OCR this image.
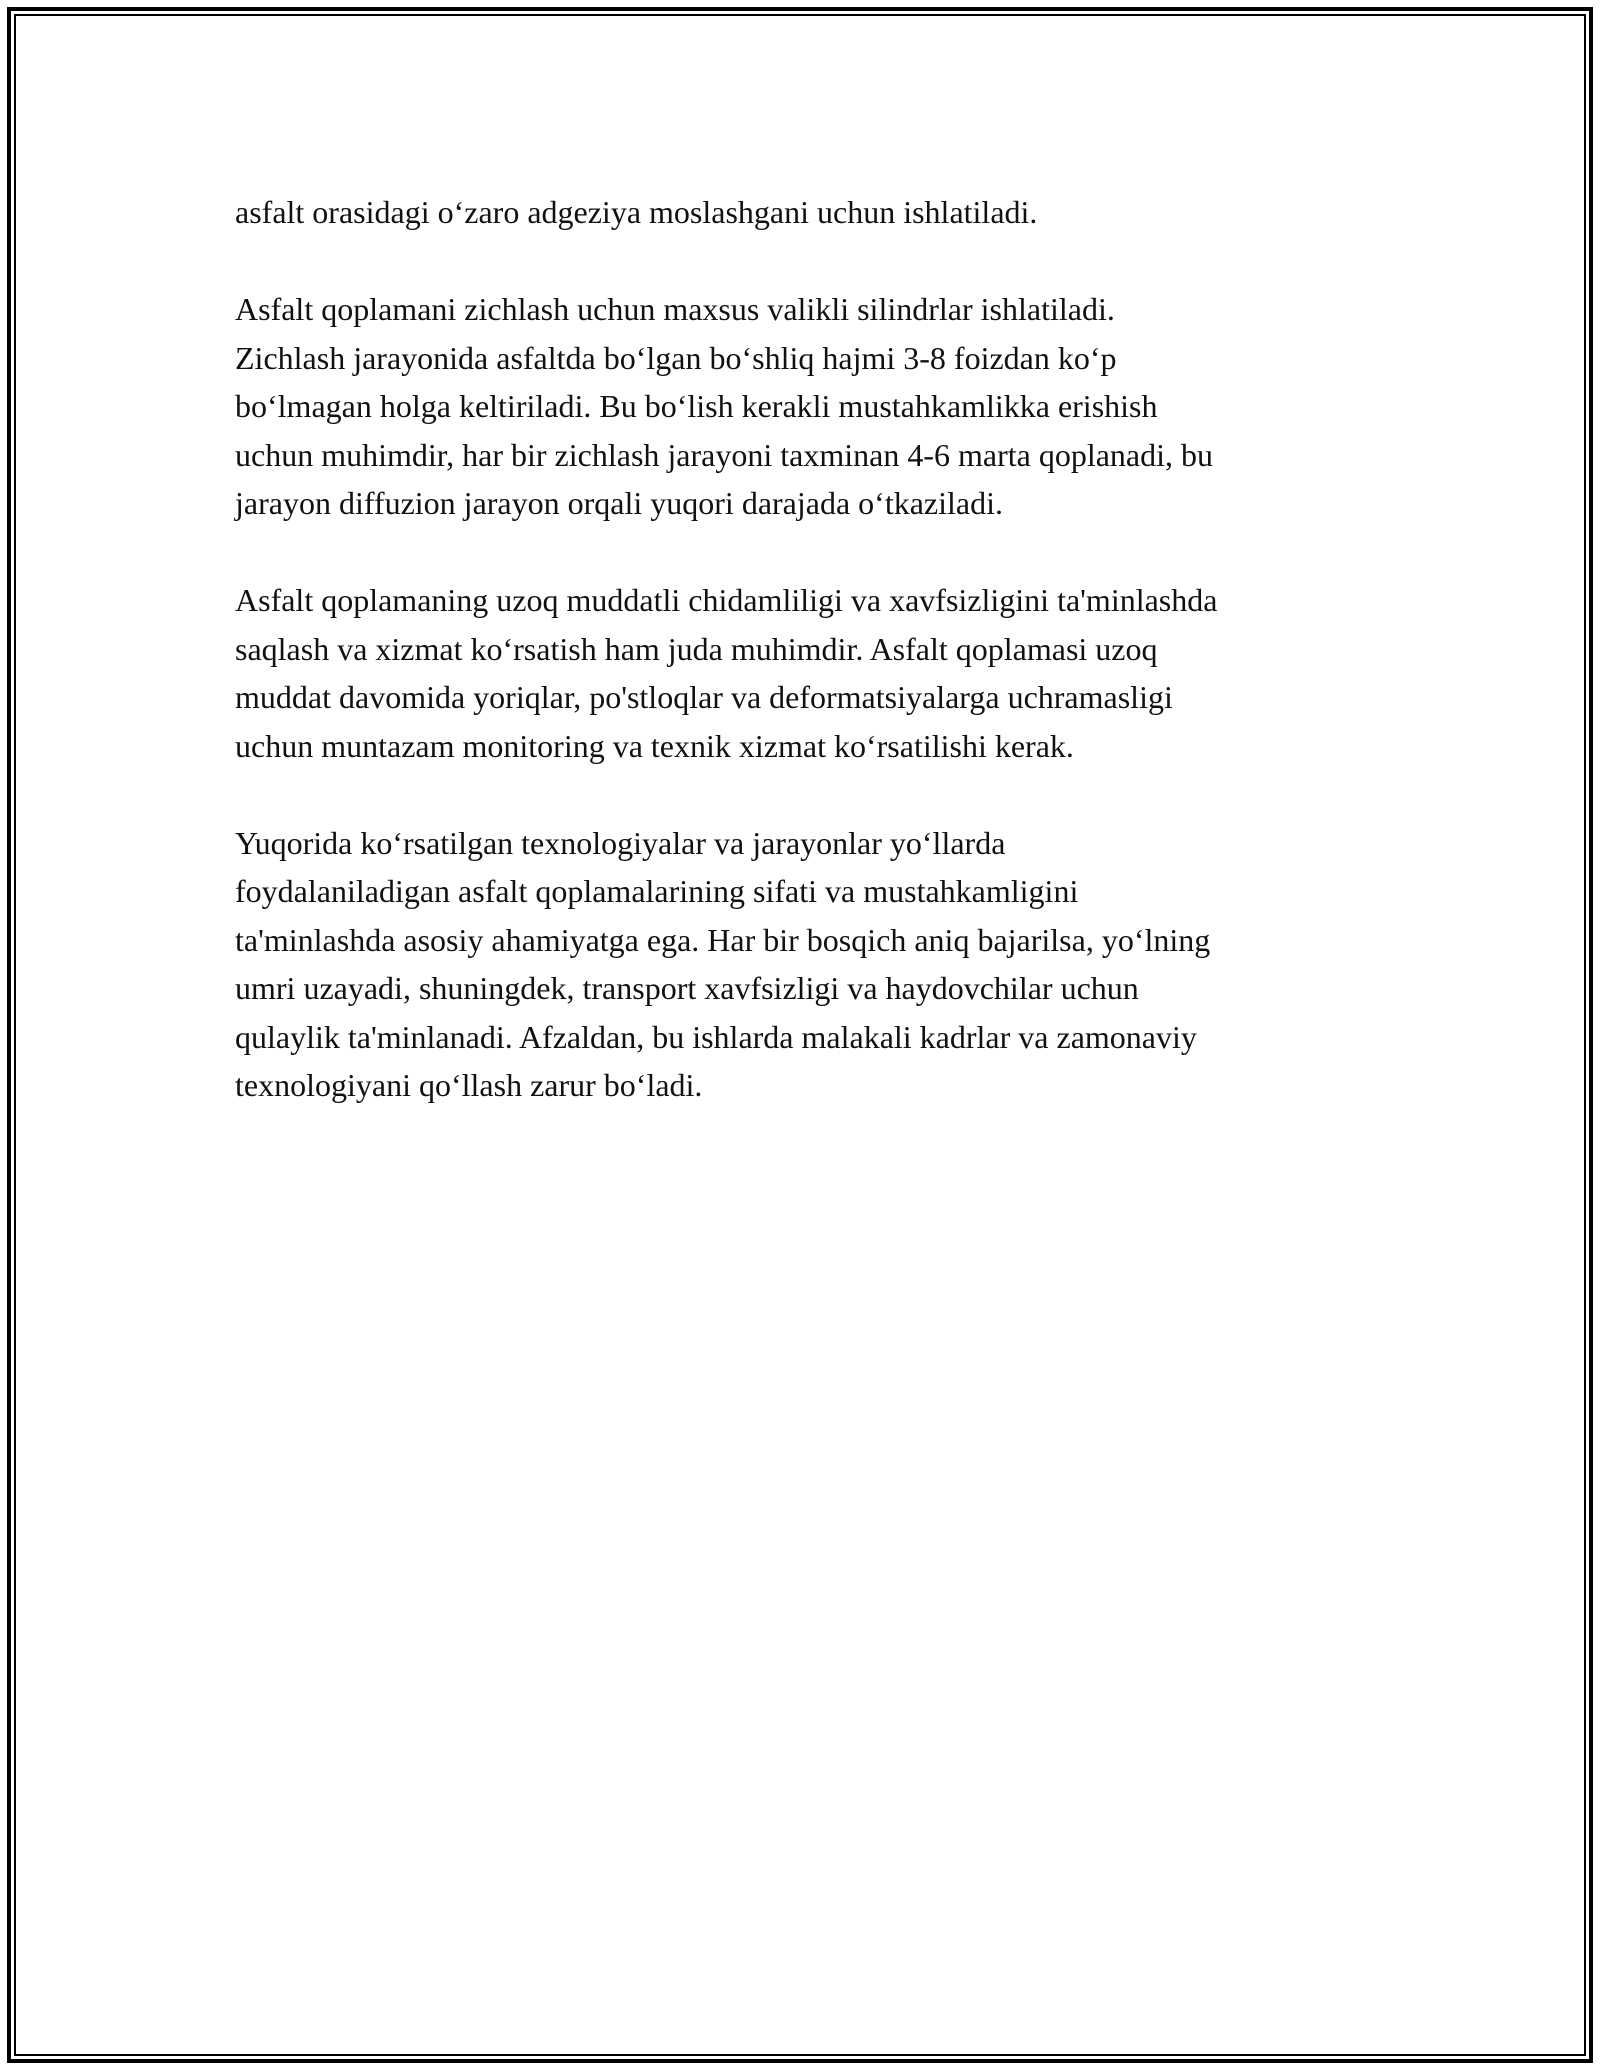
asfalt orasidagi o‘zaro adgeziya moslashgani uchun ishlatiladi.

Asfalt qoplamani zichlash uchun maxsus valikli silindrlar ishlatiladi.
Zichlash jarayonida asfaltda bo‘lgan bo‘shliq hajmi 3-8 foizdan ko‘p
bo‘lmagan holga keltiriladi. Bu bo‘lish kerakli mustahkamlikka erishish
uchun muhimdir, har bir zichlash jarayoni taxminan 4-6 marta qoplanadi, bu
jarayon diffuzion jarayon orqali yuqori darajada o‘tkaziladi.

Asfalt qoplamaning uzoq muddatli chidamliligi va xavfsizligini ta'minlashda
saqlash va xizmat ko‘rsatish ham juda muhimdir. Asfalt qoplamasi uzoq
muddat davomida yoriqlar, po'stloqlar va deformatsiyalarga uchramasligi
uchun muntazam monitoring va texnik xizmat ko‘rsatilishi kerak.

Yuqorida ko‘rsatilgan texnologiyalar va jarayonlar yo‘llarda
foydalaniladigan asfalt qoplamalarining sifati va mustahkamligini
ta'minlashda asosiy ahamiyatga ega. Har bir bosqich aniq bajarilsa, yo‘lning
umri uzayadi, shuningdek, transport xavfsizligi va haydovchilar uchun
qulaylik ta'minlanadi. Afzaldan, bu ishlarda malakali kadrlar va zamonaviy
texnologiyani qo‘llash zarur bo‘ladi.
